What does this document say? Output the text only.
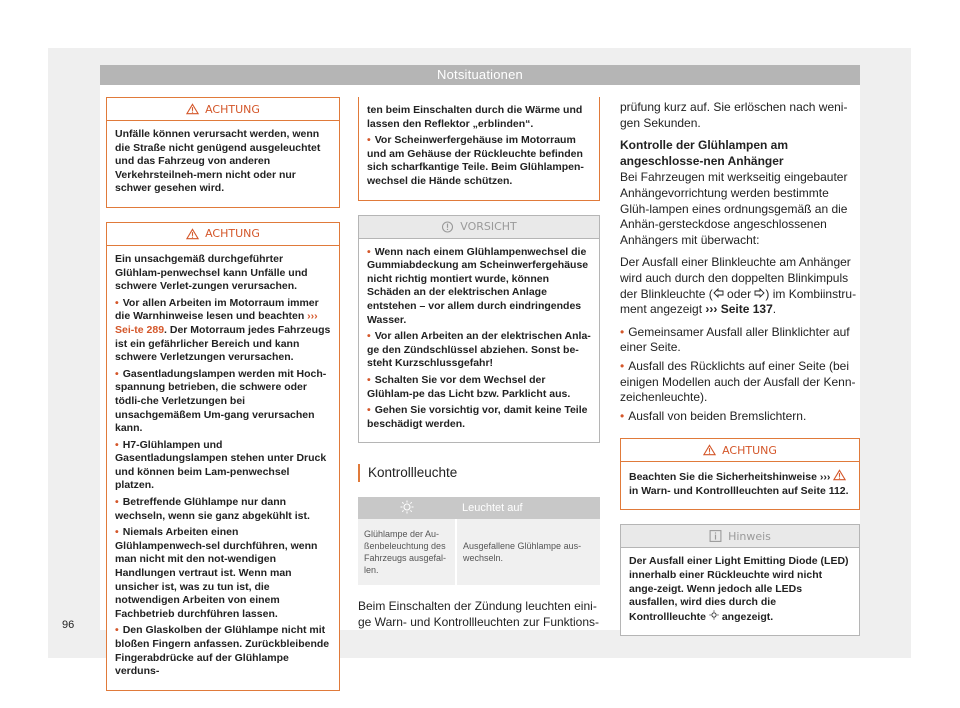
Notsituationen
ACHTUNG

Unfälle können verursacht werden, wenn die Straße nicht genügend ausgeleuchtet und das Fahrzeug von anderen Verkehrsteilneh-mern nicht oder nur schwer gesehen wird.

ACHTUNG

Ein unsachgemäß durchgeführter Glühlam-penwechsel kann Unfälle und schwere Verlet-zungen verursachen.

• Vor allen Arbeiten im Motorraum immer die Warnhinweise lesen und beachten ››› Sei-te 289. Der Motorraum jedes Fahrzeugs ist ein gefährlicher Bereich und kann schwere Verletzungen verursachen.

• Gasentladungslampen werden mit Hoch-spannung betrieben, die schwere oder tödli-che Verletzungen bei unsachgemäßem Um-gang verursachen kann.

• H7-Glühlampen und Gasentladungslampen stehen unter Druck und können beim Lam-penwechsel platzen.

• Betreffende Glühlampe nur dann wechseln, wenn sie ganz abgekühlt ist.

• Niemals Arbeiten einen Glühlampenwech-sel durchführen, wenn man nicht mit den not-wendigen Handlungen vertraut ist. Wenn man unsicher ist, was zu tun ist, die notwendigen Arbeiten von einem Fachbetrieb durchführen lassen.

• Den Glaskolben der Glühlampe nicht mit bloßen Fingern anfassen. Zurückbleibende Fingerabdrücke auf der Glühlampe verduns-

ten beim Einschalten durch die Wärme und lassen den Reflektor „erblinden“.

• Vor Scheinwerfergehäuse im Motorraum und am Gehäuse der Rückleuchte befinden sich scharfkantige Teile. Beim Glühlampen-wechsel die Hände schützen.

VORSICHT

• Wenn nach einem Glühlampenwechsel die Gummiabdeckung am Scheinwerfergehäuse nicht richtig montiert wurde, können Schäden an der elektrischen Anlage entstehen – vor allem durch eindringendes Wasser.

• Vor allen Arbeiten an der elektrischen Anla-ge den Zündschlüssel abziehen. Sonst be-steht Kurzschlussgefahr!

• Schalten Sie vor dem Wechsel der Glühlam-pe das Licht bzw. Parklicht aus.

• Gehen Sie vorsichtig vor, damit keine Teile beschädigt werden.

Kontrollleuchte
	Leuchtet auf
Glühlampe der Au-ßenbeleuchtung des Fahrzeugs ausgefal-len.	Ausgefallene Glühlampe aus-wechseln.
Beim Einschalten der Zündung leuchten eini-ge Warn- und Kontrollleuchten zur Funktions-

prüfung kurz auf. Sie erlöschen nach weni-gen Sekunden.

Kontrolle der Glühlampen am angeschlosse-nen Anhänger

Bei Fahrzeugen mit werkseitig eingebauter Anhängevorrichtung werden bestimmte Glüh-lampen eines ordnungsgemäß an die Anhän-gersteckdose angeschlossenen Anhängers mit überwacht:

Der Ausfall einer Blinkleuchte am Anhänger wird auch durch den doppelten Blinkimpuls der Blinkleuchte ( oder ) im Kombiinstru-ment angezeigt ››› Seite 137.

• Gemeinsamer Ausfall aller Blinklichter auf einer Seite.

• Ausfall des Rücklichts auf einer Seite (bei einigen Modellen auch der Ausfall der Kenn-zeichenleuchte).

• Ausfall von beiden Bremslichtern.

ACHTUNG

Beachten Sie die Sicherheitshinweise ›››  in Warn- und Kontrollleuchten auf Seite 112.

Hinweis

Der Ausfall einer Light Emitting Diode (LED) innerhalb einer Rückleuchte wird nicht ange-zeigt. Wenn jedoch alle LEDs ausfallen, wird dies durch die Kontrollleuchte  angezeigt.

96
